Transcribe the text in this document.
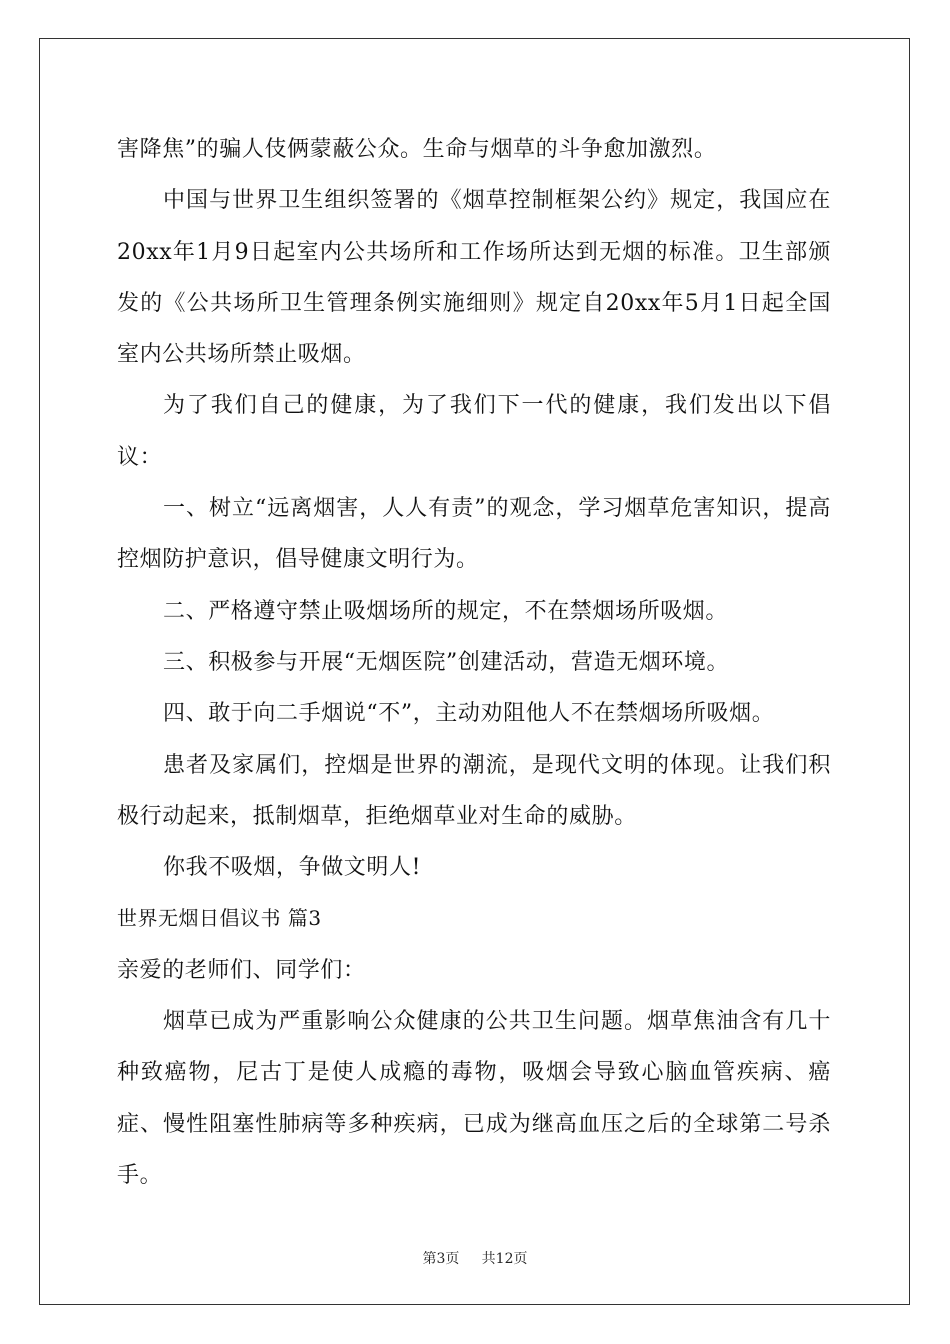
害降焦”的骗人伎俩蒙蔽公众。生命与烟草的斗争愈加激烈。

中国与世界卫生组织签署的《烟草控制框架公约》规定，我国应在20xx年1月9日起室内公共场所和工作场所达到无烟的标准。卫生部颁发的《公共场所卫生管理条例实施细则》规定自20xx年5月1日起全国室内公共场所禁止吸烟。

为了我们自己的健康，为了我们下一代的健康，我们发出以下倡议：

一、树立“远离烟害，人人有责”的观念，学习烟草危害知识，提高控烟防护意识，倡导健康文明行为。

二、严格遵守禁止吸烟场所的规定，不在禁烟场所吸烟。

三、积极参与开展“无烟医院”创建活动，营造无烟环境。

四、敢于向二手烟说“不”，主动劝阻他人不在禁烟场所吸烟。

患者及家属们，控烟是世界的潮流，是现代文明的体现。让我们积极行动起来，抵制烟草，拒绝烟草业对生命的威胁。

你我不吸烟，争做文明人!

世界无烟日倡议书 篇3

亲爱的老师们、同学们：

烟草已成为严重影响公众健康的公共卫生问题。烟草焦油含有几十种致癌物，尼古丁是使人成瘾的毒物，吸烟会导致心脑血管疾病、癌症、慢性阻塞性肺病等多种疾病，已成为继高血压之后的全球第二号杀手。

第3页 共12页
